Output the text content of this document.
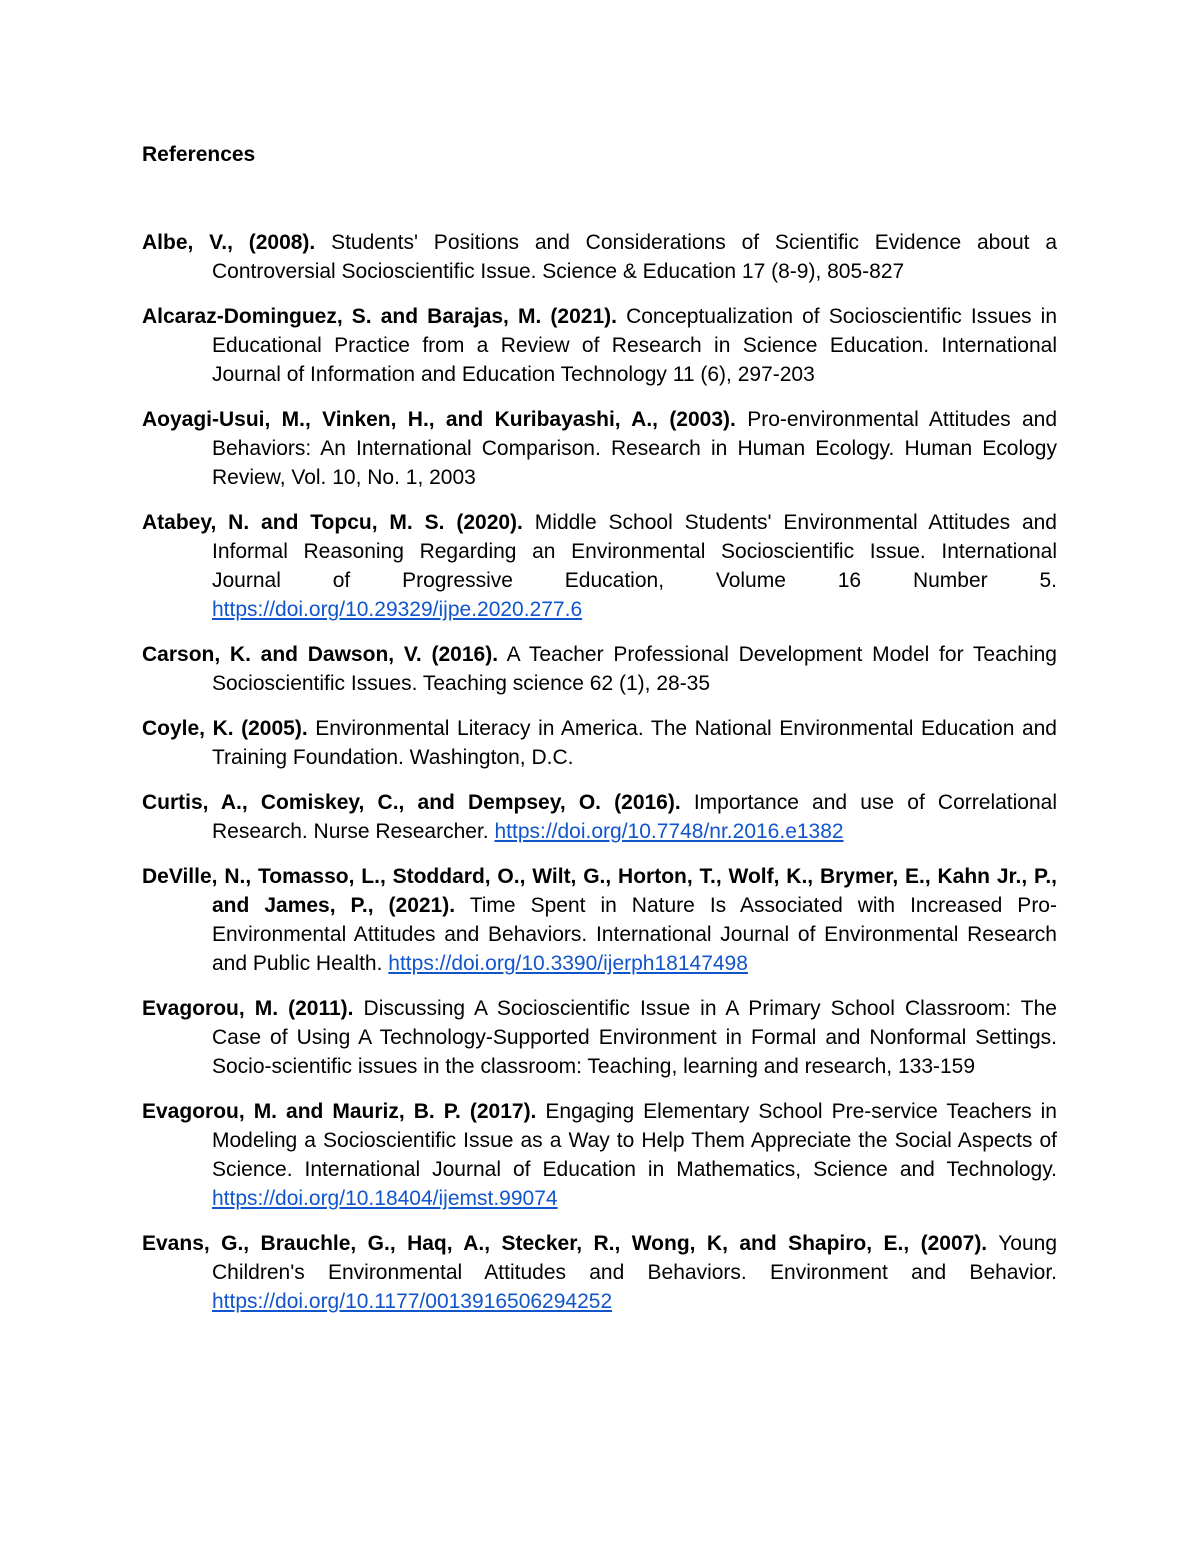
References

Albe, V., (2008). Students' Positions and Considerations of Scientific Evidence about a Controversial Socioscientific Issue. Science & Education 17 (8-9), 805-827

Alcaraz-Dominguez, S. and Barajas, M. (2021). Conceptualization of Socioscientific Issues in Educational Practice from a Review of Research in Science Education. International Journal of Information and Education Technology 11 (6), 297-203

Aoyagi-Usui, M., Vinken, H., and Kuribayashi, A., (2003). Pro-environmental Attitudes and Behaviors: An International Comparison. Research in Human Ecology. Human Ecology Review, Vol. 10, No. 1, 2003

Atabey, N. and Topcu, M. S. (2020). Middle School Students' Environmental Attitudes and Informal Reasoning Regarding an Environmental Socioscientific Issue. International Journal of Progressive Education, Volume 16 Number 5. https://doi.org/10.29329/ijpe.2020.277.6

Carson, K. and Dawson, V. (2016). A Teacher Professional Development Model for Teaching Socioscientific Issues. Teaching science 62 (1), 28-35

Coyle, K. (2005). Environmental Literacy in America. The National Environmental Education and Training Foundation. Washington, D.C.

Curtis, A., Comiskey, C., and Dempsey, O. (2016). Importance and use of Correlational Research. Nurse Researcher. https://doi.org/10.7748/nr.2016.e1382

DeVille, N., Tomasso, L., Stoddard, O., Wilt, G., Horton, T., Wolf, K., Brymer, E., Kahn Jr., P., and James, P., (2021). Time Spent in Nature Is Associated with Increased Pro-Environmental Attitudes and Behaviors. International Journal of Environmental Research and Public Health. https://doi.org/10.3390/ijerph18147498

Evagorou, M. (2011). Discussing A Socioscientific Issue in A Primary School Classroom: The Case of Using A Technology-Supported Environment in Formal and Nonformal Settings. Socio-scientific issues in the classroom: Teaching, learning and research, 133-159

Evagorou, M. and Mauriz, B. P. (2017). Engaging Elementary School Pre-service Teachers in Modeling a Socioscientific Issue as a Way to Help Them Appreciate the Social Aspects of Science. International Journal of Education in Mathematics, Science and Technology. https://doi.org/10.18404/ijemst.99074

Evans, G., Brauchle, G., Haq, A., Stecker, R., Wong, K, and Shapiro, E., (2007). Young Children's Environmental Attitudes and Behaviors. Environment and Behavior. https://doi.org/10.1177/0013916506294252
